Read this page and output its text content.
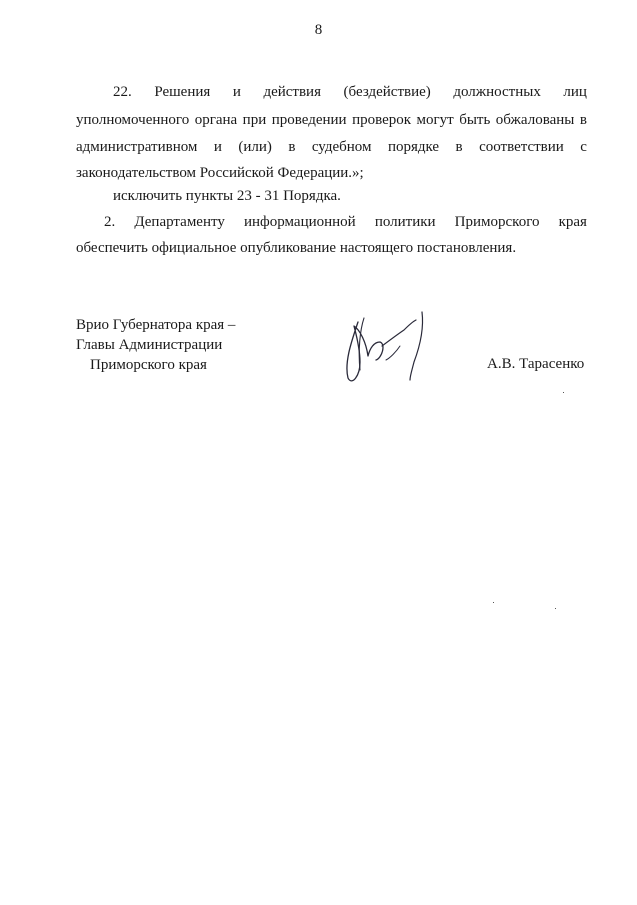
8
22. Решения и действия (бездействие) должностных лиц
уполномоченного органа при проведении проверок могут быть обжалованы в
административном и (или) в судебном порядке в соответствии с
законодательством Российской Федерации.»;
исключить пункты 23 - 31 Порядка.
2. Департаменту информационной политики Приморского края
обеспечить официальное опубликование настоящего постановления.
Врио Губернатора края –
Главы Администрации
Приморского края	А.В. Тарасенко
